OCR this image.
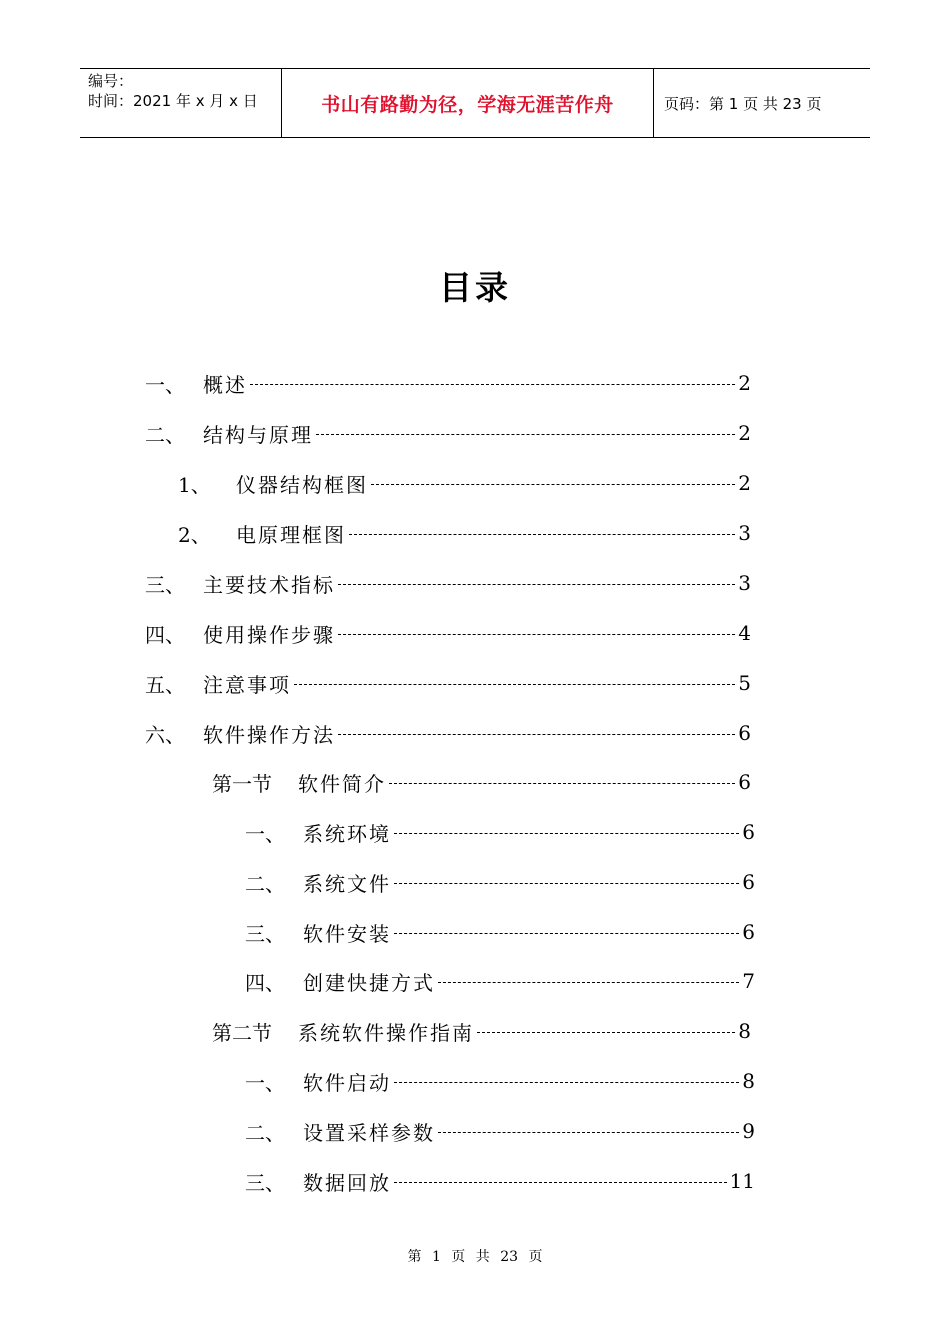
编号：
时间：2021 年 x 月 x 日	书山有路勤为径，学海无涯苦作舟	页码：第 1 页 共 23 页
目录
一、 概述	2
二、 结构与原理	2
1、	仪器结构框图	2
2、	电原理框图	3
三、 主要技术指标	3
四、 使用操作步骤	4
五、 注意事项	5
六、 软件操作方法	6
第一节	软件简介	6
一、 系统环境	6
二、 系统文件	6
三、 软件安装	6
四、 创建快捷方式	7
第二节	系统软件操作指南	8
一、 软件启动	8
二、 设置采样参数	9
三、 数据回放	11
第 1 页 共 23 页
